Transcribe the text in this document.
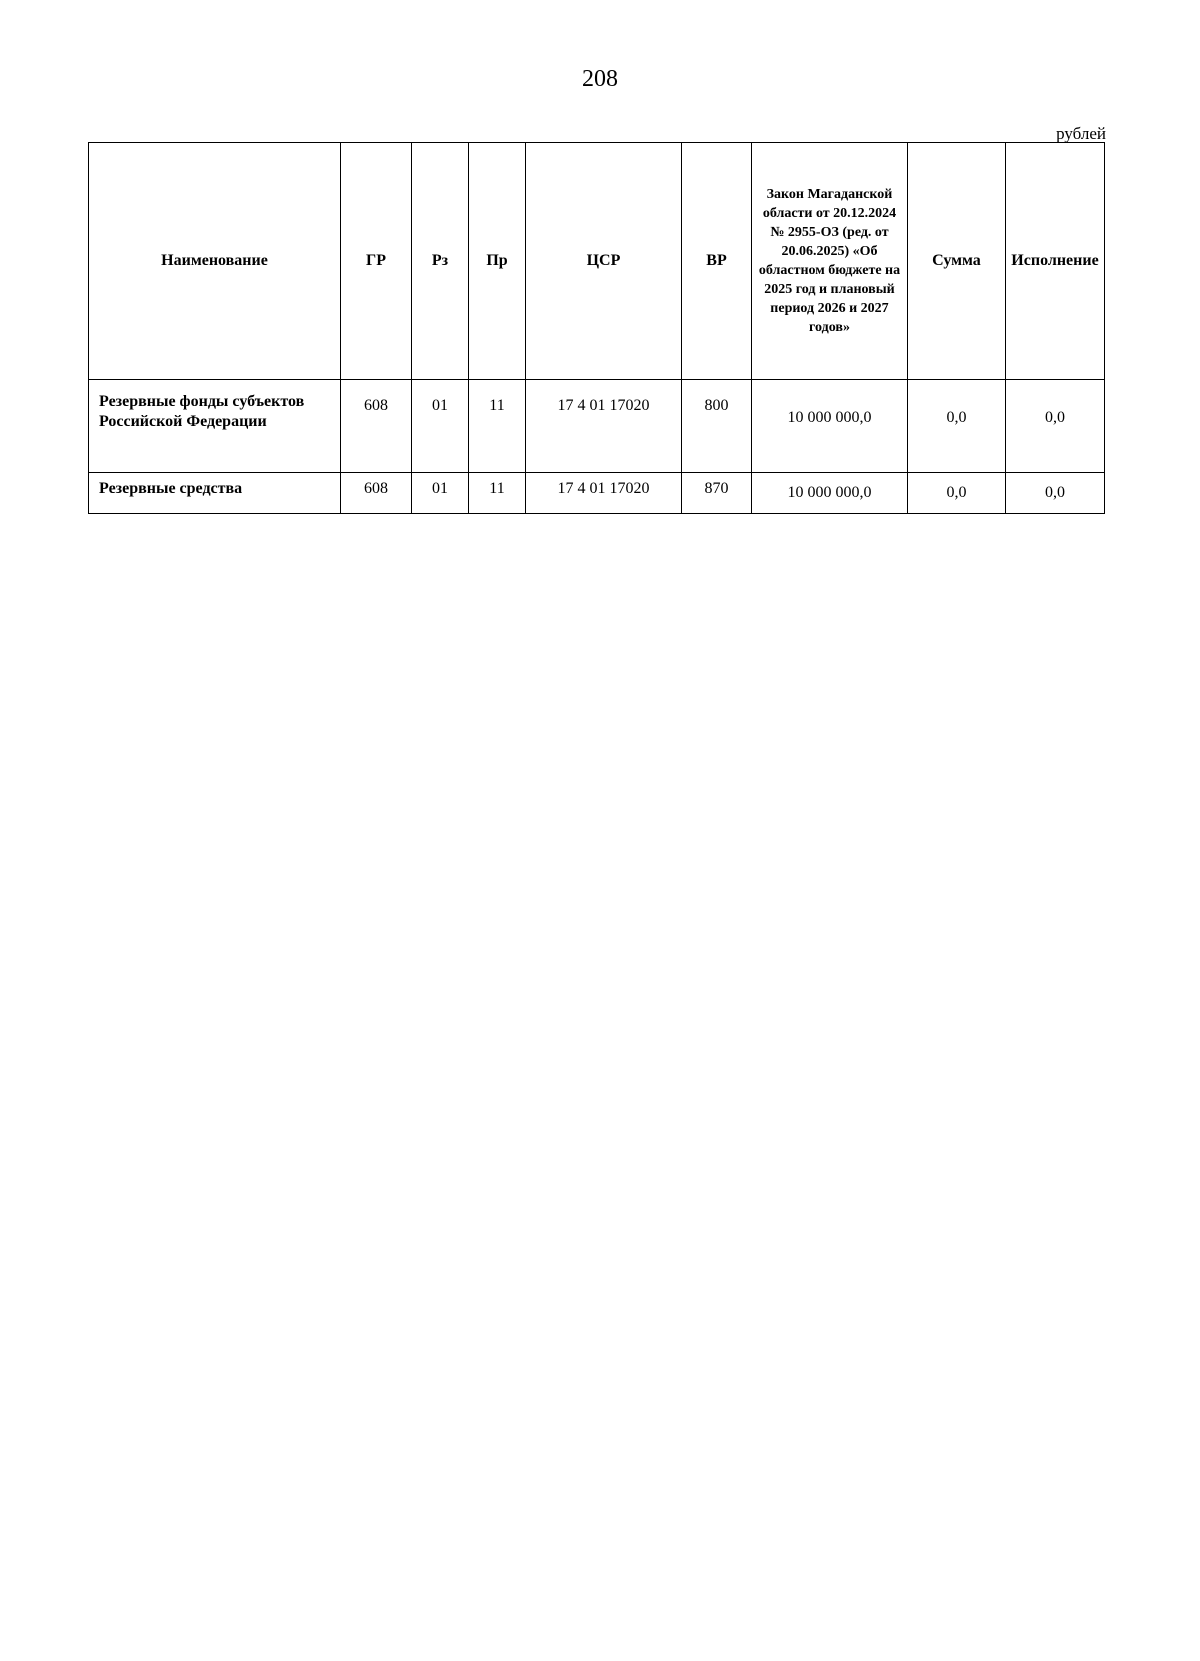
208
рублей
Наименование	ГР	Рз	Пр	ЦСР	ВР	Закон Магаданской области от 20.12.2024 № 2955-ОЗ (ред. от 20.06.2025) «Об областном бюджете на 2025 год и плановый период 2026 и 2027 годов»	Сумма	Исполнение
Резервные фонды субъектов Российской Федерации	608	01	11	17 4 01 17020	800	10 000 000,0	0,0	0,0
Резервные средства	608	01	11	17 4 01 17020	870	10 000 000,0	0,0	0,0
